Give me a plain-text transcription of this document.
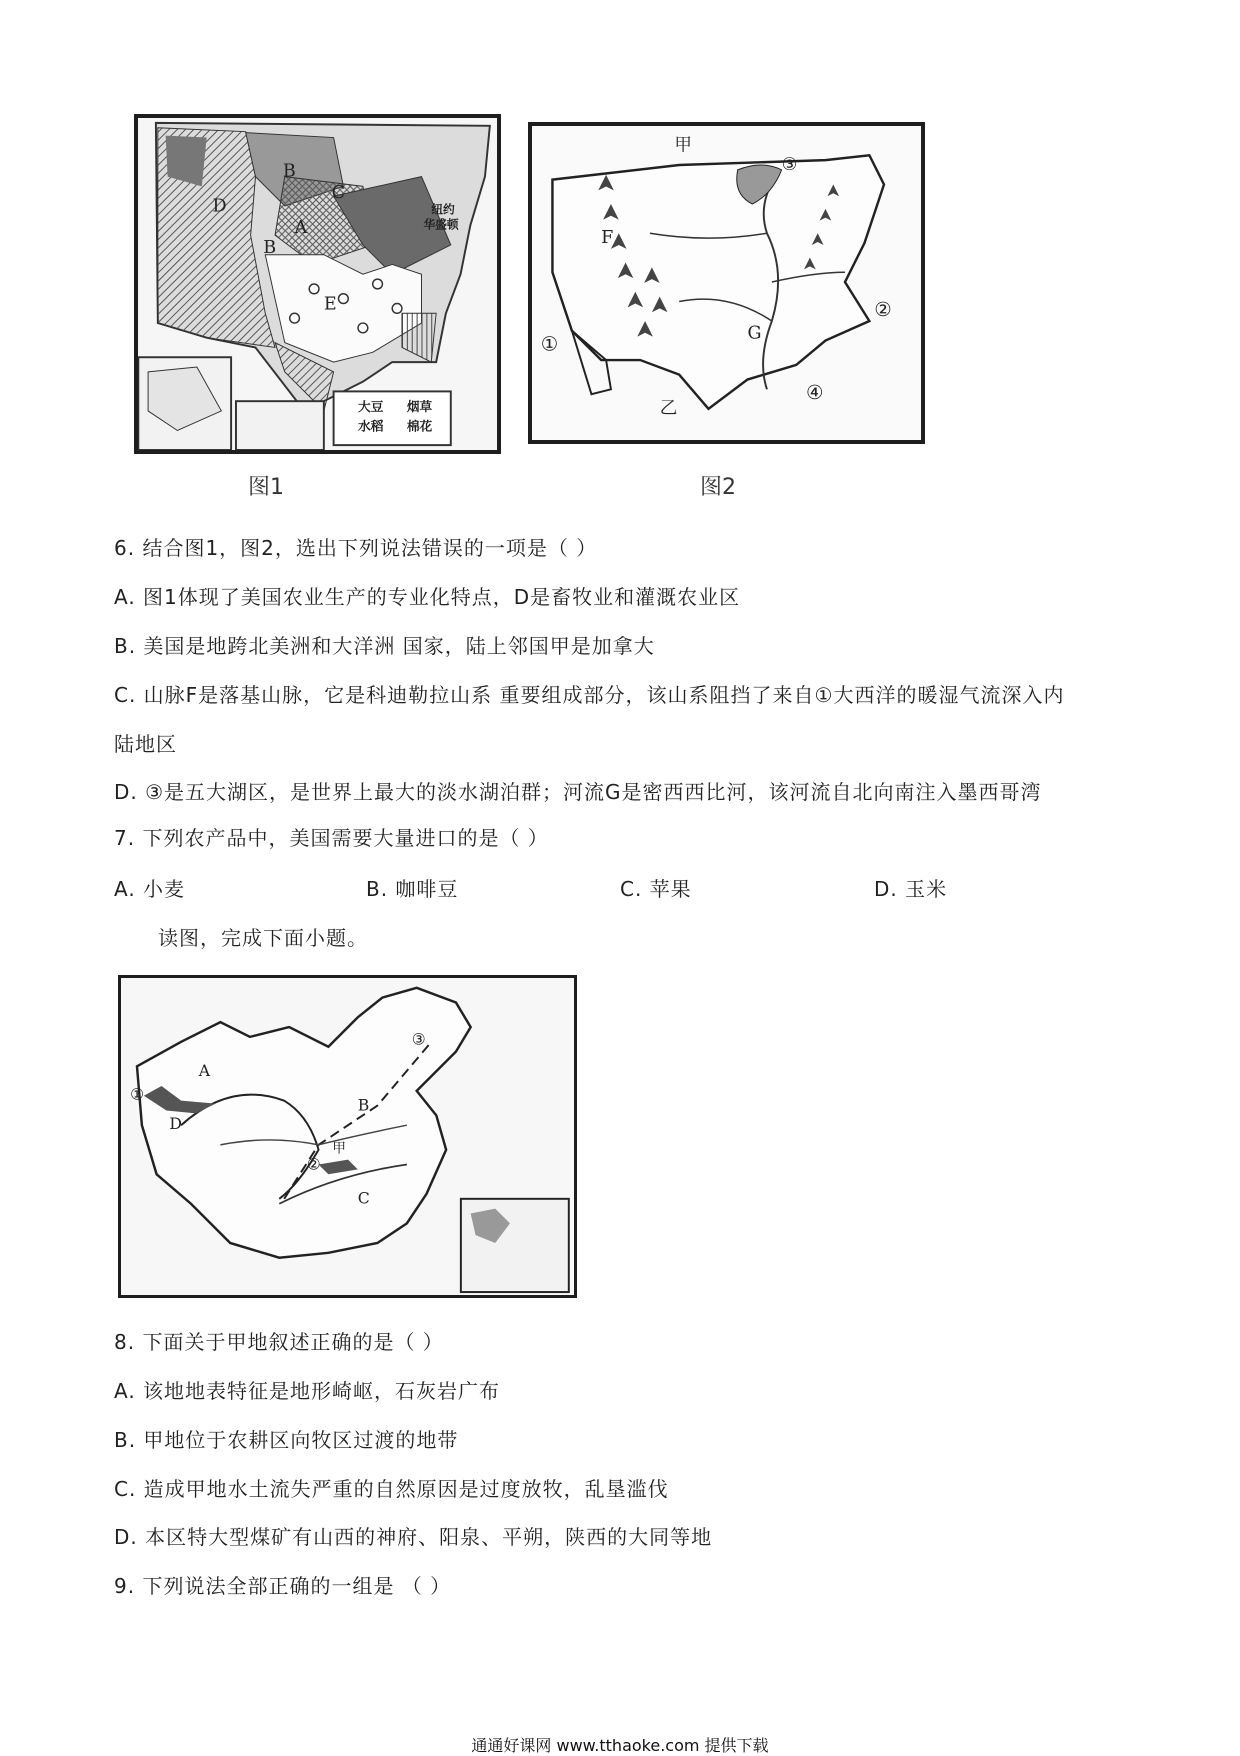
B
C
A
B
D
E
纽约
华盛顿
大豆 烟草
水稻 棉花
图1
甲
F
G
乙
①
②
③
④
图2
6. 结合图1，图2，选出下列说法错误的一项是（ ）
A. 图1体现了美国农业生产的专业化特点，D是畜牧业和灌溉农业区
B. 美国是地跨北美洲和大洋洲 国家，陆上邻国甲是加拿大
C. 山脉F是落基山脉，它是科迪勒拉山系 重要组成部分，该山系阻挡了来自①大西洋的暖湿气流深入内
陆地区
D. ③是五大湖区，是世界上最大的淡水湖泊群；河流G是密西西比河，该河流自北向南注入墨西哥湾
7. 下列农产品中，美国需要大量进口的是（ ）
A. 小麦	B. 咖啡豆	C. 苹果	D. 玉米
读图，完成下面小题。
A
B
C
D
甲
①
②
③
8. 下面关于甲地叙述正确的是（ ）
A. 该地地表特征是地形崎岖，石灰岩广布
B. 甲地位于农耕区向牧区过渡的地带
C. 造成甲地水土流失严重的自然原因是过度放牧，乱垦滥伐
D. 本区特大型煤矿有山西的神府、阳泉、平朔，陕西的大同等地
9. 下列说法全部正确的一组是 （ ）
通通好课网 www.tthaoke.com 提供下载
